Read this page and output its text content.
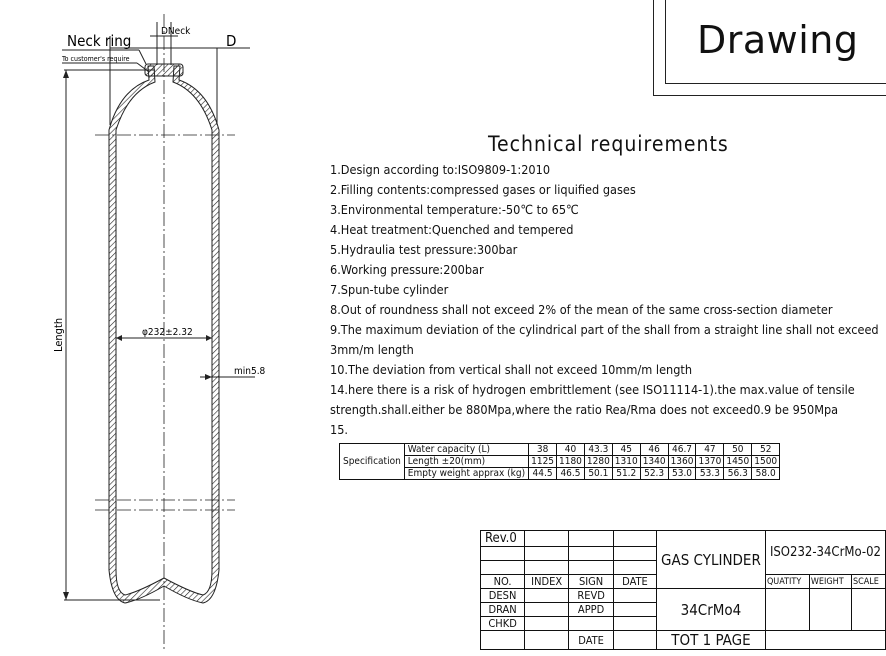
Drawing
Neck ring
To customer's require
DNeck
D
Length	φ232±2.32
min5.8
Technical requirements
1.Design according to:ISO9809-1:2010
2.Filling contents:compressed gases or liquified gases
3.Environmental temperature:-50℃ to 65℃
4.Heat treatment:Quenched and tempered
5.Hydraulia test pressure:300bar
6.Working pressure:200bar
7.Spun-tube cylinder
8.Out of roundness shall not exceed 2% of the mean of the same cross-section diameter
9.The maximum deviation of the cylindrical part of the shall from a straight line shall not exceed
3mm/m length
10.The deviation from vertical shall not exceed 10mm/m length
14.here there is a risk of hydrogen embrittlement (see ISO11114-1).the max.value of tensile
strength.shall.either be 880Mpa,where the ratio Rea/Rma does not exceed0.9 be 950Mpa
15.
Specification	Water capacity (L)	38	40	43.3	45	46	46.7	47	50	52
	Length ±20(mm)	1125	1180	1280	1310	1340	1360	1370	1450	1500
	Empty weight apprax (kg)	44.5	46.5	50.1	51.2	52.3	53.0	53.3	56.3	58.0
Rev.0				GAS CYLINDER	ISO232-34CrMo-02		

NO.	INDEX	SIGN	DATE		QUATITY	WEIGHT	SCALE
DESN		REVD		34CrMo4			
DRAN		APPD					
CHKD							
		DATE		TOT 1 PAGE			
